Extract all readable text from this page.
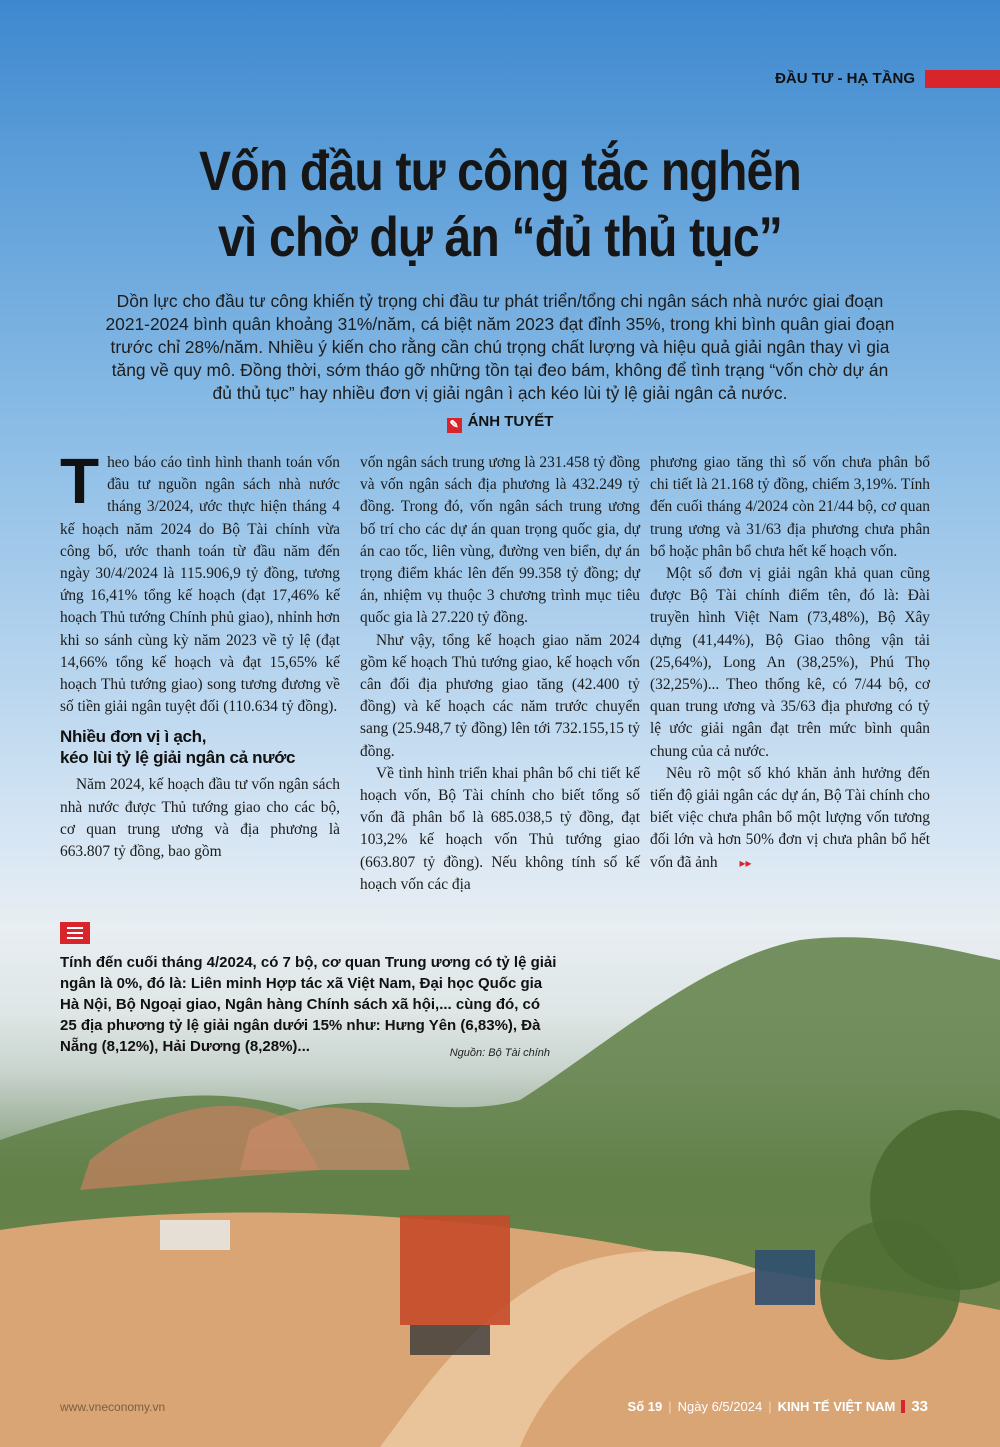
ĐẦU TƯ - HẠ TẦNG
Vốn đầu tư công tắc nghẽn
vì chờ dự án “đủ thủ tục”

Dồn lực cho đầu tư công khiến tỷ trọng chi đầu tư phát triển/tổng chi ngân sách nhà nước giai đoạn 2021-2024 bình quân khoảng 31%/năm, cá biệt năm 2023 đạt đỉnh 35%, trong khi bình quân giai đoạn trước chỉ 28%/năm. Nhiều ý kiến cho rằng cần chú trọng chất lượng và hiệu quả giải ngân thay vì gia tăng về quy mô. Đồng thời, sớm tháo gỡ những tồn tại đeo bám, không để tình trạng “vốn chờ dự án đủ thủ tục” hay nhiều đơn vị giải ngân ì ạch kéo lùi tỷ lệ giải ngân cả nước.

✎ ÁNH TUYẾT
T heo báo cáo tình hình thanh toán vốn đầu tư nguồn ngân sách nhà nước tháng 3/2024, ước thực hiện tháng 4 kế hoạch năm 2024 do Bộ Tài chính vừa công bố, ước thanh toán từ đầu năm đến ngày 30/4/2024 là 115.906,9 tỷ đồng, tương ứng 16,41% tổng kế hoạch (đạt 17,46% kế hoạch Thủ tướng Chính phủ giao), nhỉnh hơn khi so sánh cùng kỳ năm 2023 về tỷ lệ (đạt 14,66% tổng kế hoạch và đạt 15,65% kế hoạch Thủ tướng giao) song tương đương về số tiền giải ngân tuyệt đối (110.634 tỷ đồng).

Nhiều đơn vị ì ạch,
kéo lùi tỷ lệ giải ngân cả nước

Năm 2024, kế hoạch đầu tư vốn ngân sách nhà nước được Thủ tướng giao cho các bộ, cơ quan trung ương và địa phương là 663.807 tỷ đồng, bao gồm

vốn ngân sách trung ương là 231.458 tỷ đồng và vốn ngân sách địa phương là 432.249 tỷ đồng. Trong đó, vốn ngân sách trung ương bố trí cho các dự án quan trọng quốc gia, dự án cao tốc, liên vùng, đường ven biển, dự án trọng điểm khác lên đến 99.358 tỷ đồng; dự án, nhiệm vụ thuộc 3 chương trình mục tiêu quốc gia là 27.220 tỷ đồng.

Như vậy, tổng kế hoạch giao năm 2024 gồm kế hoạch Thủ tướng giao, kế hoạch vốn cân đối địa phương giao tăng (42.400 tỷ đồng) và kế hoạch các năm trước chuyển sang (25.948,7 tỷ đồng) lên tới 732.155,15 tỷ đồng.

Về tình hình triển khai phân bổ chi tiết kế hoạch vốn, Bộ Tài chính cho biết tổng số vốn đã phân bổ là 685.038,5 tỷ đồng, đạt 103,2% kế hoạch vốn Thủ tướng giao (663.807 tỷ đồng). Nếu không tính số kế hoạch vốn các địa

phương giao tăng thì số vốn chưa phân bổ chi tiết là 21.168 tỷ đồng, chiếm 3,19%. Tính đến cuối tháng 4/2024 còn 21/44 bộ, cơ quan trung ương và 31/63 địa phương chưa phân bổ hoặc phân bổ chưa hết kế hoạch vốn.

Một số đơn vị giải ngân khả quan cũng được Bộ Tài chính điểm tên, đó là: Đài truyền hình Việt Nam (73,48%), Bộ Xây dựng (41,44%), Bộ Giao thông vận tải (25,64%), Long An (38,25%), Phú Thọ (32,25%)... Theo thống kê, có 7/44 bộ, cơ quan trung ương và 35/63 địa phương có tỷ lệ ước giải ngân đạt trên mức bình quân chung của cả nước.

Nêu rõ một số khó khăn ảnh hưởng đến tiến độ giải ngân các dự án, Bộ Tài chính cho biết việc chưa phân bổ một lượng vốn tương đối lớn và hơn 50% đơn vị chưa phân bổ hết vốn đã ảnh ▸▸

Tính đến cuối tháng 4/2024, có 7 bộ, cơ quan Trung ương có tỷ lệ giải ngân là 0%, đó là: Liên minh Hợp tác xã Việt Nam, Đại học Quốc gia Hà Nội, Bộ Ngoại giao, Ngân hàng Chính sách xã hội,... cùng đó, có 25 địa phương tỷ lệ giải ngân dưới 15% như: Hưng Yên (6,83%), Đà Nẵng (8,12%), Hải Dương (8,28%)...	Nguồn: Bộ Tài chính

www.vneconomy.vn	Số 19 | Ngày 6/5/2024 | KINH TẾ VIỆT NAM 33
